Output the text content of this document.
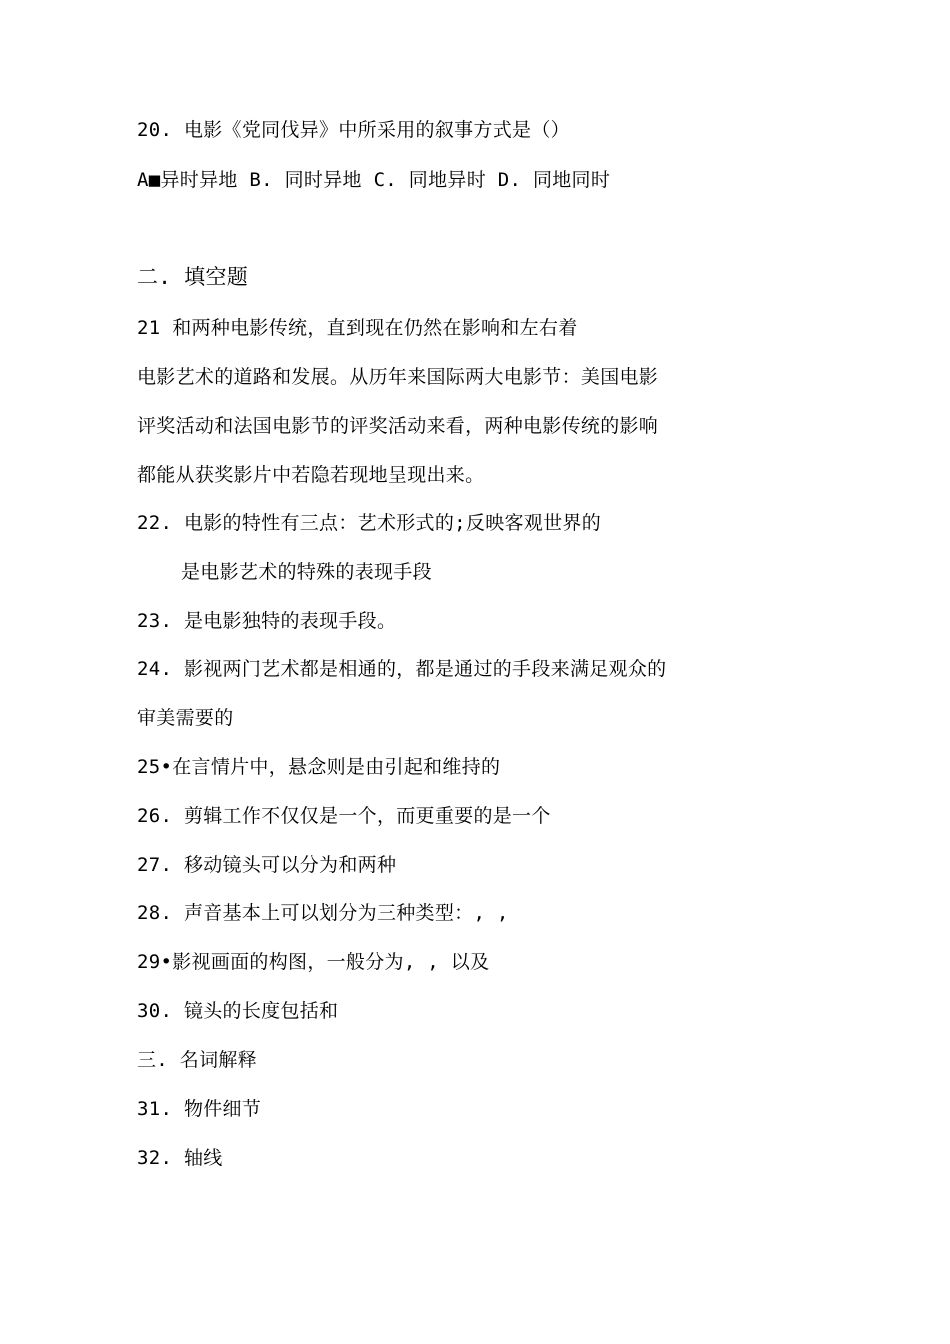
20. 电影《党同伐异》中所采用的叙事方式是（）
A■异时异地 B. 同时异地 C. 同地异时 D. 同地同时
二. 填空题
21 和两种电影传统，直到现在仍然在影响和左右着
电影艺术的道路和发展。从历年来国际两大电影节：美国电影
评奖活动和法国电影节的评奖活动来看，两种电影传统的影响
都能从获奖影片中若隐若现地呈现出来。
22. 电影的特性有三点：艺术形式的;反映客观世界的
是电影艺术的特殊的表现手段
23. 是电影独特的表现手段。
24. 影视两门艺术都是相通的，都是通过的手段来满足观众的
审美需要的
25•在言情片中，悬念则是由引起和维持的
26. 剪辑工作不仅仅是一个，而更重要的是一个
27. 移动镜头可以分为和两种
28. 声音基本上可以划分为三种类型：, ,
29•影视画面的构图，一般分为, , 以及
30. 镜头的长度包括和
三. 名词解释
31. 物件细节
32. 轴线
